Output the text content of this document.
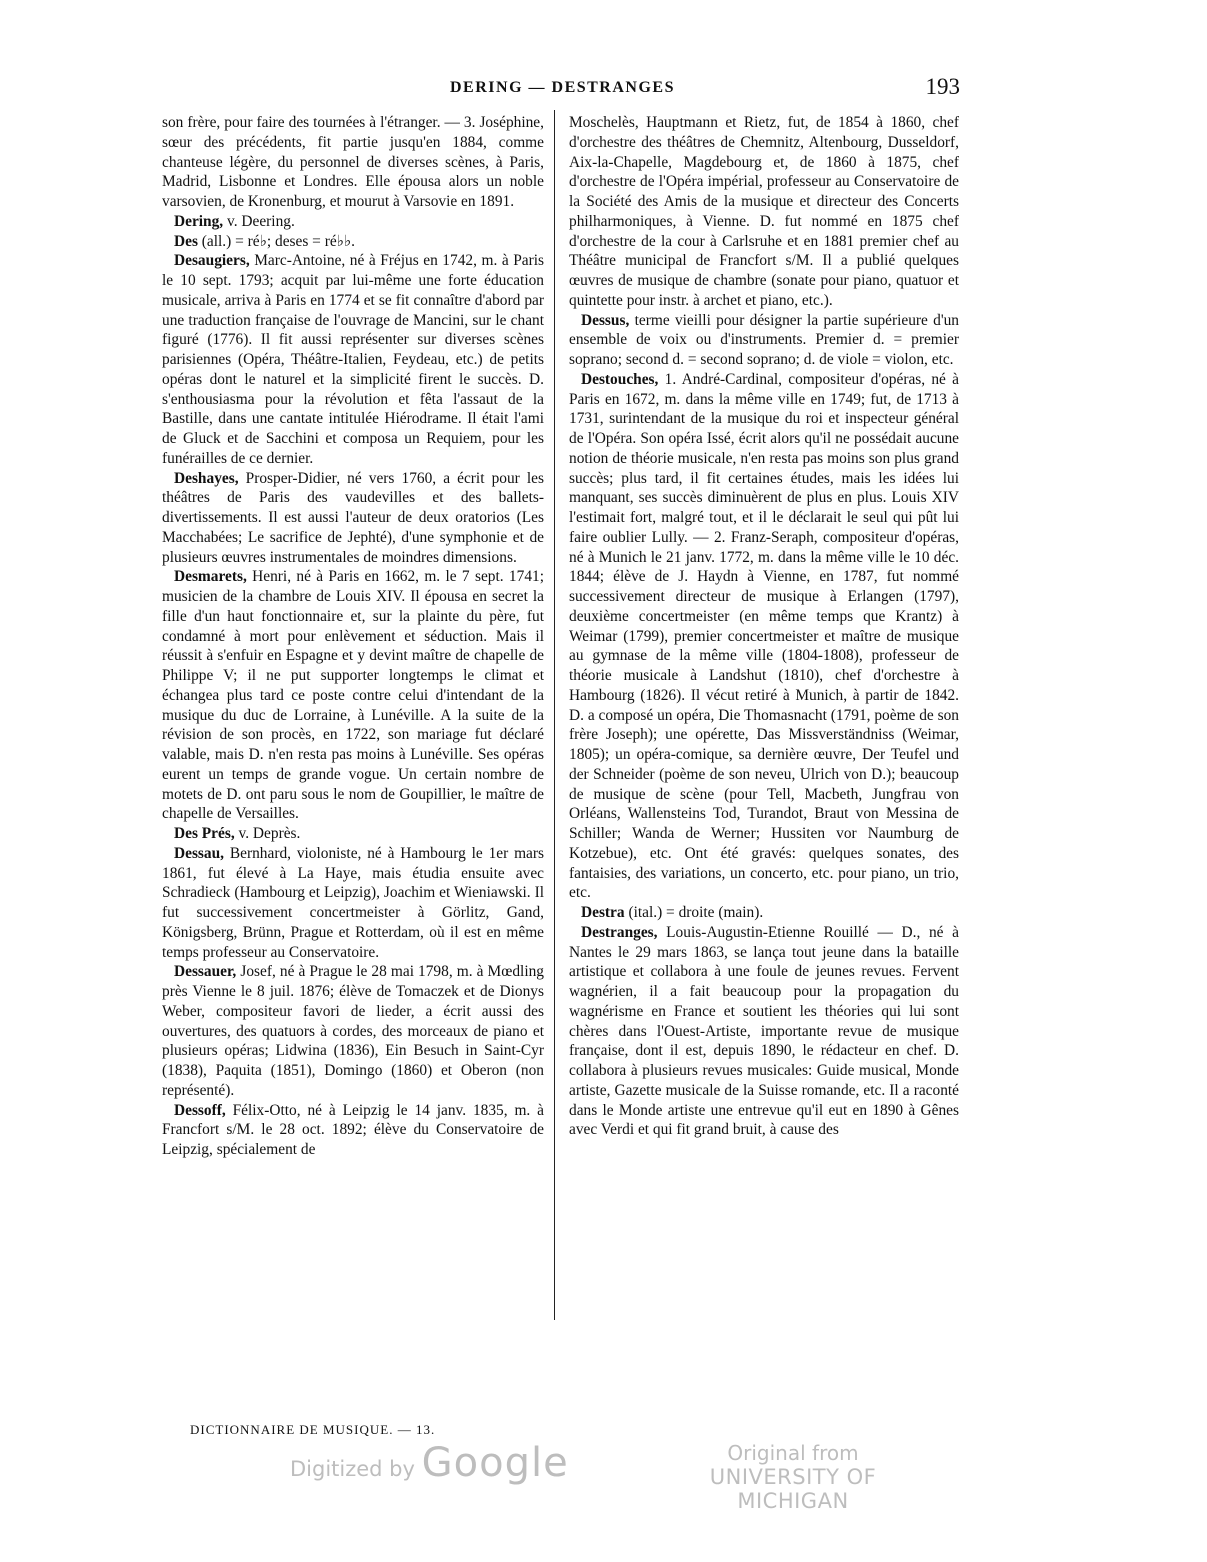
DERING — DESTRANGES	193

son frère, pour faire des tournées à l'étranger. — 3. Joséphine, sœur des précédents, fit partie jusqu'en 1884, comme chanteuse légère, du personnel de diverses scènes, à Paris, Madrid, Lisbonne et Londres. Elle épousa alors un noble varsovien, de Kronenburg, et mourut à Varsovie en 1891.

Dering, v. Deering.

Des (all.) = ré♭; deses = ré♭♭.

Desaugiers, Marc-Antoine, né à Fréjus en 1742, m. à Paris le 10 sept. 1793; acquit par lui-même une forte éducation musicale, arriva à Paris en 1774 et se fit connaître d'abord par une traduction française de l'ouvrage de Mancini, sur le chant figuré (1776). Il fit aussi représenter sur diverses scènes parisiennes (Opéra, Théâtre-Italien, Feydeau, etc.) de petits opéras dont le naturel et la simplicité firent le succès. D. s'enthousiasma pour la révolution et fêta l'assaut de la Bastille, dans une cantate intitulée Hiérodrame. Il était l'ami de Gluck et de Sacchini et composa un Requiem, pour les funérailles de ce dernier.

Deshayes, Prosper-Didier, né vers 1760, a écrit pour les théâtres de Paris des vaudevilles et des ballets-divertissements. Il est aussi l'auteur de deux oratorios (Les Macchabées; Le sacrifice de Jephté), d'une symphonie et de plusieurs œuvres instrumentales de moindres dimensions.

Desmarets, Henri, né à Paris en 1662, m. le 7 sept. 1741; musicien de la chambre de Louis XIV. Il épousa en secret la fille d'un haut fonctionnaire et, sur la plainte du père, fut condamné à mort pour enlèvement et séduction. Mais il réussit à s'enfuir en Espagne et y devint maître de chapelle de Philippe V; il ne put supporter longtemps le climat et échangea plus tard ce poste contre celui d'intendant de la musique du duc de Lorraine, à Lunéville. A la suite de la révision de son procès, en 1722, son mariage fut déclaré valable, mais D. n'en resta pas moins à Lunéville. Ses opéras eurent un temps de grande vogue. Un certain nombre de motets de D. ont paru sous le nom de Goupillier, le maître de chapelle de Versailles.

Des Prés, v. Deprès.

Dessau, Bernhard, violoniste, né à Hambourg le 1er mars 1861, fut élevé à La Haye, mais étudia ensuite avec Schradieck (Hambourg et Leipzig), Joachim et Wieniawski. Il fut successivement concertmeister à Görlitz, Gand, Königsberg, Brünn, Prague et Rotterdam, où il est en même temps professeur au Conservatoire.

Dessauer, Josef, né à Prague le 28 mai 1798, m. à Mœdling près Vienne le 8 juil. 1876; élève de Tomaczek et de Dionys Weber, compositeur favori de lieder, a écrit aussi des ouvertures, des quatuors à cordes, des morceaux de piano et plusieurs opéras; Lidwina (1836), Ein Besuch in Saint-Cyr (1838), Paquita (1851), Domingo (1860) et Oberon (non représenté).

Dessoff, Félix-Otto, né à Leipzig le 14 janv. 1835, m. à Francfort s/M. le 28 oct. 1892; élève du Conservatoire de Leipzig, spécialement de

Moschelès, Hauptmann et Rietz, fut, de 1854 à 1860, chef d'orchestre des théâtres de Chemnitz, Altenbourg, Dusseldorf, Aix-la-Chapelle, Magdebourg et, de 1860 à 1875, chef d'orchestre de l'Opéra impérial, professeur au Conservatoire de la Société des Amis de la musique et directeur des Concerts philharmoniques, à Vienne. D. fut nommé en 1875 chef d'orchestre de la cour à Carlsruhe et en 1881 premier chef au Théâtre municipal de Francfort s/M. Il a publié quelques œuvres de musique de chambre (sonate pour piano, quatuor et quintette pour instr. à archet et piano, etc.).

Dessus, terme vieilli pour désigner la partie supérieure d'un ensemble de voix ou d'instruments. Premier d. = premier soprano; second d. = second soprano; d. de viole = violon, etc.

Destouches, 1. André-Cardinal, compositeur d'opéras, né à Paris en 1672, m. dans la même ville en 1749; fut, de 1713 à 1731, surintendant de la musique du roi et inspecteur général de l'Opéra. Son opéra Issé, écrit alors qu'il ne possédait aucune notion de théorie musicale, n'en resta pas moins son plus grand succès; plus tard, il fit certaines études, mais les idées lui manquant, ses succès diminuèrent de plus en plus. Louis XIV l'estimait fort, malgré tout, et il le déclarait le seul qui pût lui faire oublier Lully. — 2. Franz-Seraph, compositeur d'opéras, né à Munich le 21 janv. 1772, m. dans la même ville le 10 déc. 1844; élève de J. Haydn à Vienne, en 1787, fut nommé successivement directeur de musique à Erlangen (1797), deuxième concertmeister (en même temps que Krantz) à Weimar (1799), premier concertmeister et maître de musique au gymnase de la même ville (1804-1808), professeur de théorie musicale à Landshut (1810), chef d'orchestre à Hambourg (1826). Il vécut retiré à Munich, à partir de 1842. D. a composé un opéra, Die Thomasnacht (1791, poème de son frère Joseph); une opérette, Das Missverständniss (Weimar, 1805); un opéra-comique, sa dernière œuvre, Der Teufel und der Schneider (poème de son neveu, Ulrich von D.); beaucoup de musique de scène (pour Tell, Macbeth, Jungfrau von Orléans, Wallensteins Tod, Turandot, Braut von Messina de Schiller; Wanda de Werner; Hussiten vor Naumburg de Kotzebue), etc. Ont été gravés: quelques sonates, des fantaisies, des variations, un concerto, etc. pour piano, un trio, etc.

Destra (ital.) = droite (main).

Destranges, Louis-Augustin-Etienne Rouillé — D., né à Nantes le 29 mars 1863, se lança tout jeune dans la bataille artistique et collabora à une foule de jeunes revues. Fervent wagnérien, il a fait beaucoup pour la propagation du wagnérisme en France et soutient les théories qui lui sont chères dans l'Ouest-Artiste, importante revue de musique française, dont il est, depuis 1890, le rédacteur en chef. D. collabora à plusieurs revues musicales: Guide musical, Monde artiste, Gazette musicale de la Suisse romande, etc. Il a raconté dans le Monde artiste une entrevue qu'il eut en 1890 à Gênes avec Verdi et qui fit grand bruit, à cause des

DICTIONNAIRE DE MUSIQUE. — 13.
Digitized by Google	Original from
UNIVERSITY OF MICHIGAN
